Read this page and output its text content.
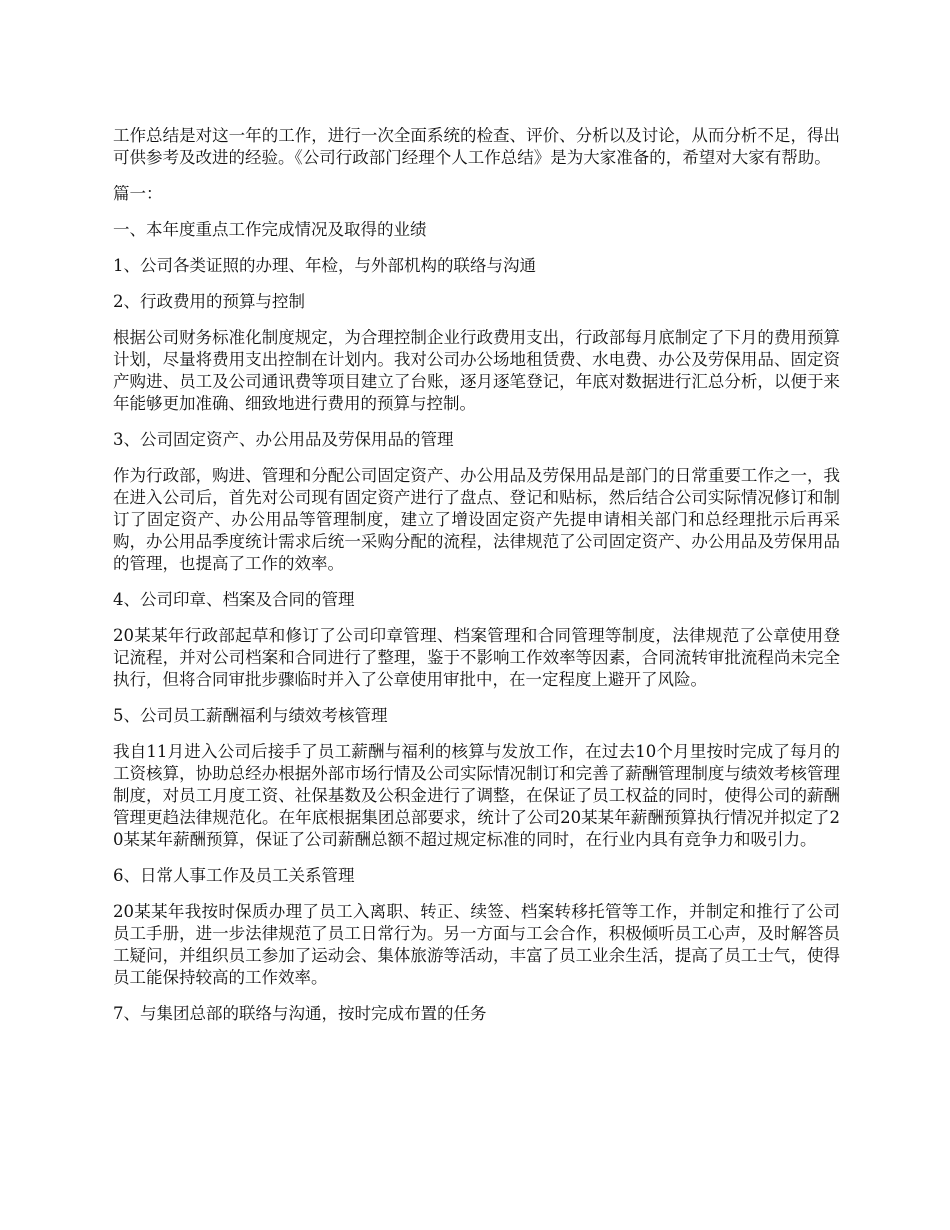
工作总结是对这一年的工作，进行一次全面系统的检查、评价、分析以及讨论，从而分析不足，得出可供参考及改进的经验。《公司行政部门经理个人工作总结》是为大家准备的，希望对大家有帮助。

篇一：

一、本年度重点工作完成情况及取得的业绩

1、公司各类证照的办理、年检，与外部机构的联络与沟通

2、行政费用的预算与控制

根据公司财务标准化制度规定，为合理控制企业行政费用支出，行政部每月底制定了下月的费用预算计划，尽量将费用支出控制在计划内。我对公司办公场地租赁费、水电费、办公及劳保用品、固定资产购进、员工及公司通讯费等项目建立了台账，逐月逐笔登记，年底对数据进行汇总分析，以便于来年能够更加准确、细致地进行费用的预算与控制。

3、公司固定资产、办公用品及劳保用品的管理

作为行政部，购进、管理和分配公司固定资产、办公用品及劳保用品是部门的日常重要工作之一，我在进入公司后，首先对公司现有固定资产进行了盘点、登记和贴标，然后结合公司实际情况修订和制订了固定资产、办公用品等管理制度，建立了增设固定资产先提申请相关部门和总经理批示后再采购，办公用品季度统计需求后统一采购分配的流程，法律规范了公司固定资产、办公用品及劳保用品的管理，也提高了工作的效率。

4、公司印章、档案及合同的管理

20某某年行政部起草和修订了公司印章管理、档案管理和合同管理等制度，法律规范了公章使用登记流程，并对公司档案和合同进行了整理，鉴于不影响工作效率等因素，合同流转审批流程尚未完全执行，但将合同审批步骤临时并入了公章使用审批中，在一定程度上避开了风险。

5、公司员工薪酬福利与绩效考核管理

我自11月进入公司后接手了员工薪酬与福利的核算与发放工作，在过去10个月里按时完成了每月的工资核算，协助总经办根据外部市场行情及公司实际情况制订和完善了薪酬管理制度与绩效考核管理制度，对员工月度工资、社保基数及公积金进行了调整，在保证了员工权益的同时，使得公司的薪酬管理更趋法律规范化。在年底根据集团总部要求，统计了公司20某某年薪酬预算执行情况并拟定了20某某年薪酬预算，保证了公司薪酬总额不超过规定标准的同时，在行业内具有竞争力和吸引力。

6、日常人事工作及员工关系管理

20某某年我按时保质办理了员工入离职、转正、续签、档案转移托管等工作，并制定和推行了公司员工手册，进一步法律规范了员工日常行为。另一方面与工会合作，积极倾听员工心声，及时解答员工疑问，并组织员工参加了运动会、集体旅游等活动，丰富了员工业余生活，提高了员工士气，使得员工能保持较高的工作效率。

7、与集团总部的联络与沟通，按时完成布置的任务
